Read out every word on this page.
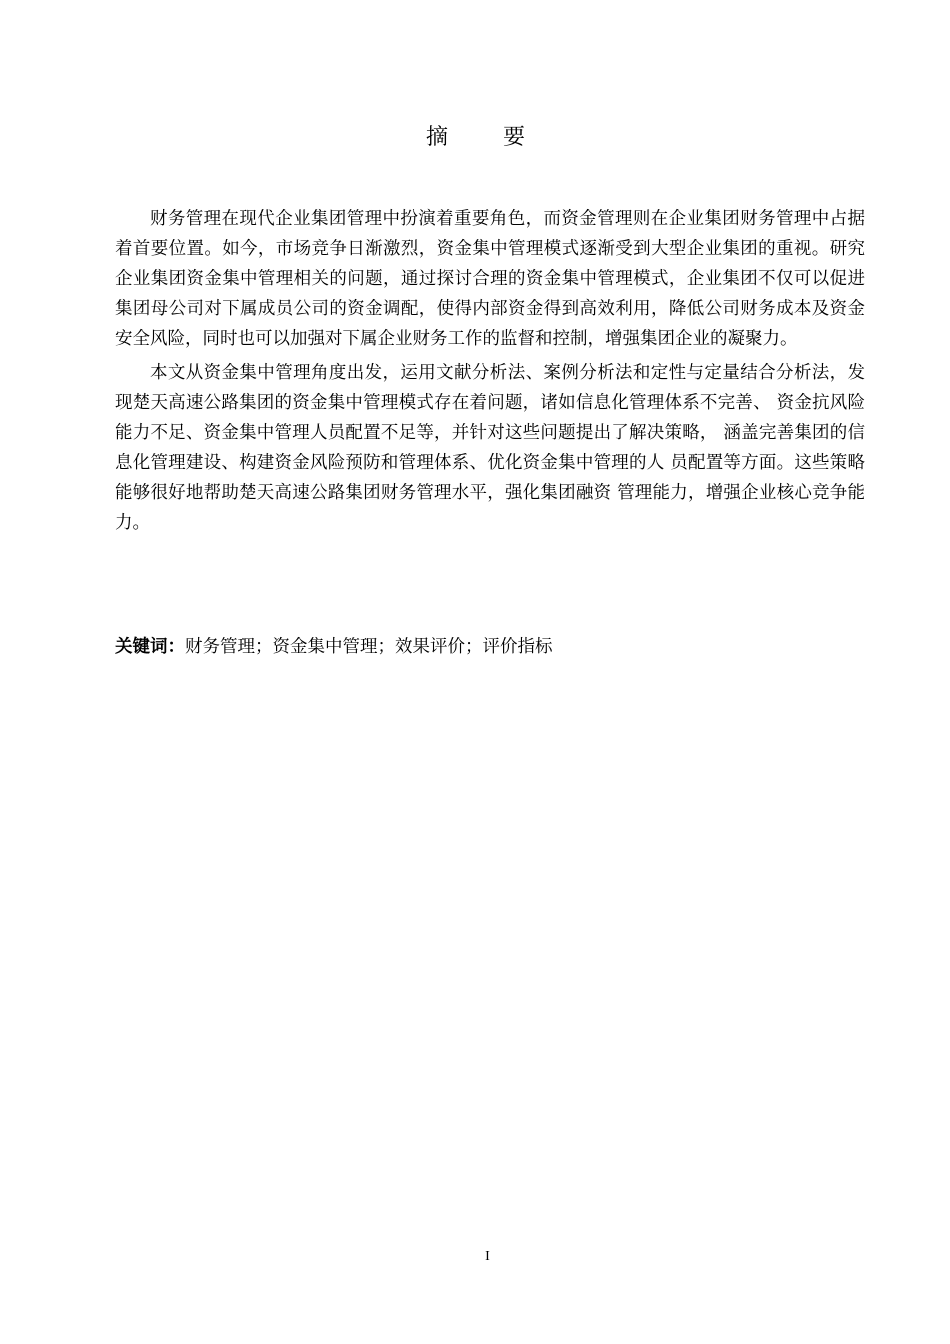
摘 要

财务管理在现代企业集团管理中扮演着重要角色，而资金管理则在企业集团财务管理中占据着首要位置。如今，市场竞争日渐激烈，资金集中管理模式逐渐受到大型企业集团的重视。研究企业集团资金集中管理相关的问题，通过探讨合理的资金集中管理模式，企业集团不仅可以促进集团母公司对下属成员公司的资金调配，使得内部资金得到高效利用，降低公司财务成本及资金安全风险，同时也可以加强对下属企业财务工作的监督和控制，增强集团企业的凝聚力。

本文从资金集中管理角度出发，运用文献分析法、案例分析法和定性与定量结合分析法，发现楚天高速公路集团的资金集中管理模式存在着问题，诸如信息化管理体系不完善、 资金抗风险能力不足、资金集中管理人员配置不足等，并针对这些问题提出了解决策略， 涵盖完善集团的信息化管理建设、构建资金风险预防和管理体系、优化资金集中管理的人 员配置等方面。这些策略能够很好地帮助楚天高速公路集团财务管理水平，强化集团融资 管理能力，增强企业核心竞争能力。

关键词：财务管理；资金集中管理；效果评价；评价指标
I
